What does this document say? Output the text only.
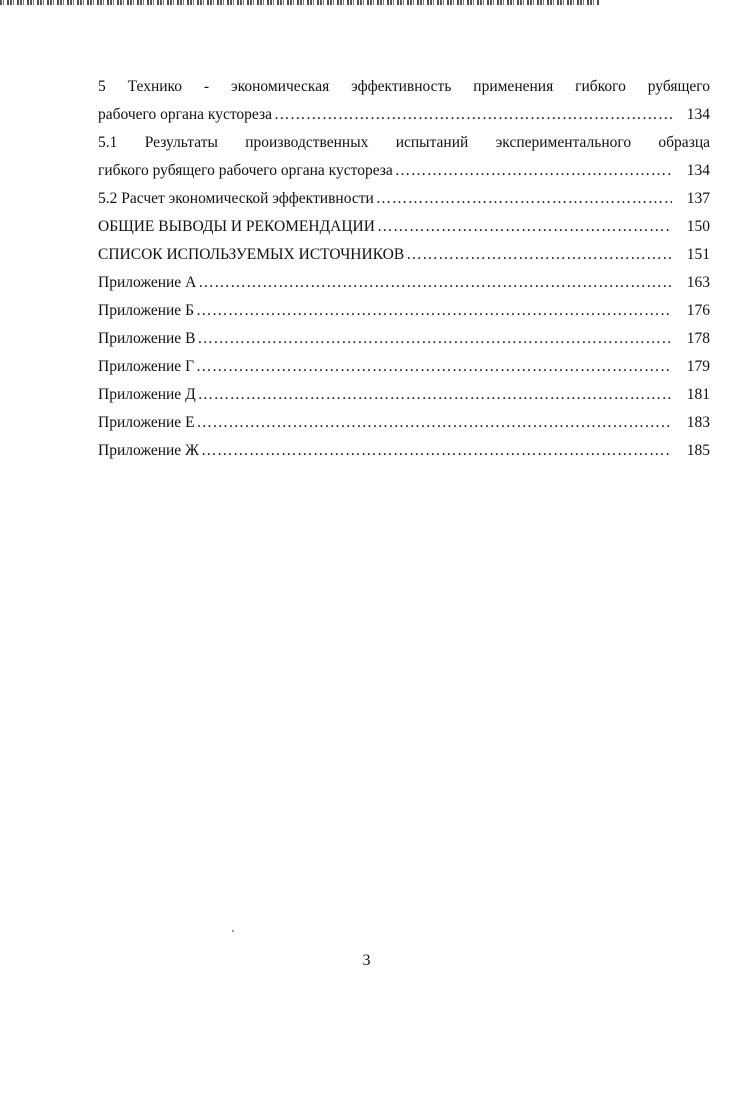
5 Технико - экономическая эффективность применения гибкого рубящего
рабочего органа кустореза ……………………………………………………………………………………………………………………………………………………………………………………………………	134
5.1 Результаты производственных испытаний экспериментального образца
гибкого рубящего рабочего органа кустореза ……………………………………………………………………………………………………………………………………………………………………………………………………	134
5.2 Расчет экономической эффективности ……………………………………………………………………………………………………………………………………………………………………………………………………	137
ОБЩИЕ ВЫВОДЫ И РЕКОМЕНДАЦИИ ……………………………………………………………………………………………………………………………………………………………………………………………………	150
СПИСОК ИСПОЛЬЗУЕМЫХ ИСТОЧНИКОВ ……………………………………………………………………………………………………………………………………………………………………………………………………	151
Приложение А ……………………………………………………………………………………………………………………………………………………………………………………………………	163
Приложение Б ……………………………………………………………………………………………………………………………………………………………………………………………………	176
Приложение В ……………………………………………………………………………………………………………………………………………………………………………………………………	178
Приложение Г ……………………………………………………………………………………………………………………………………………………………………………………………………	179
Приложение Д ……………………………………………………………………………………………………………………………………………………………………………………………………	181
Приложение Е ……………………………………………………………………………………………………………………………………………………………………………………………………	183
Приложение Ж ……………………………………………………………………………………………………………………………………………………………………………………………………	185
3
